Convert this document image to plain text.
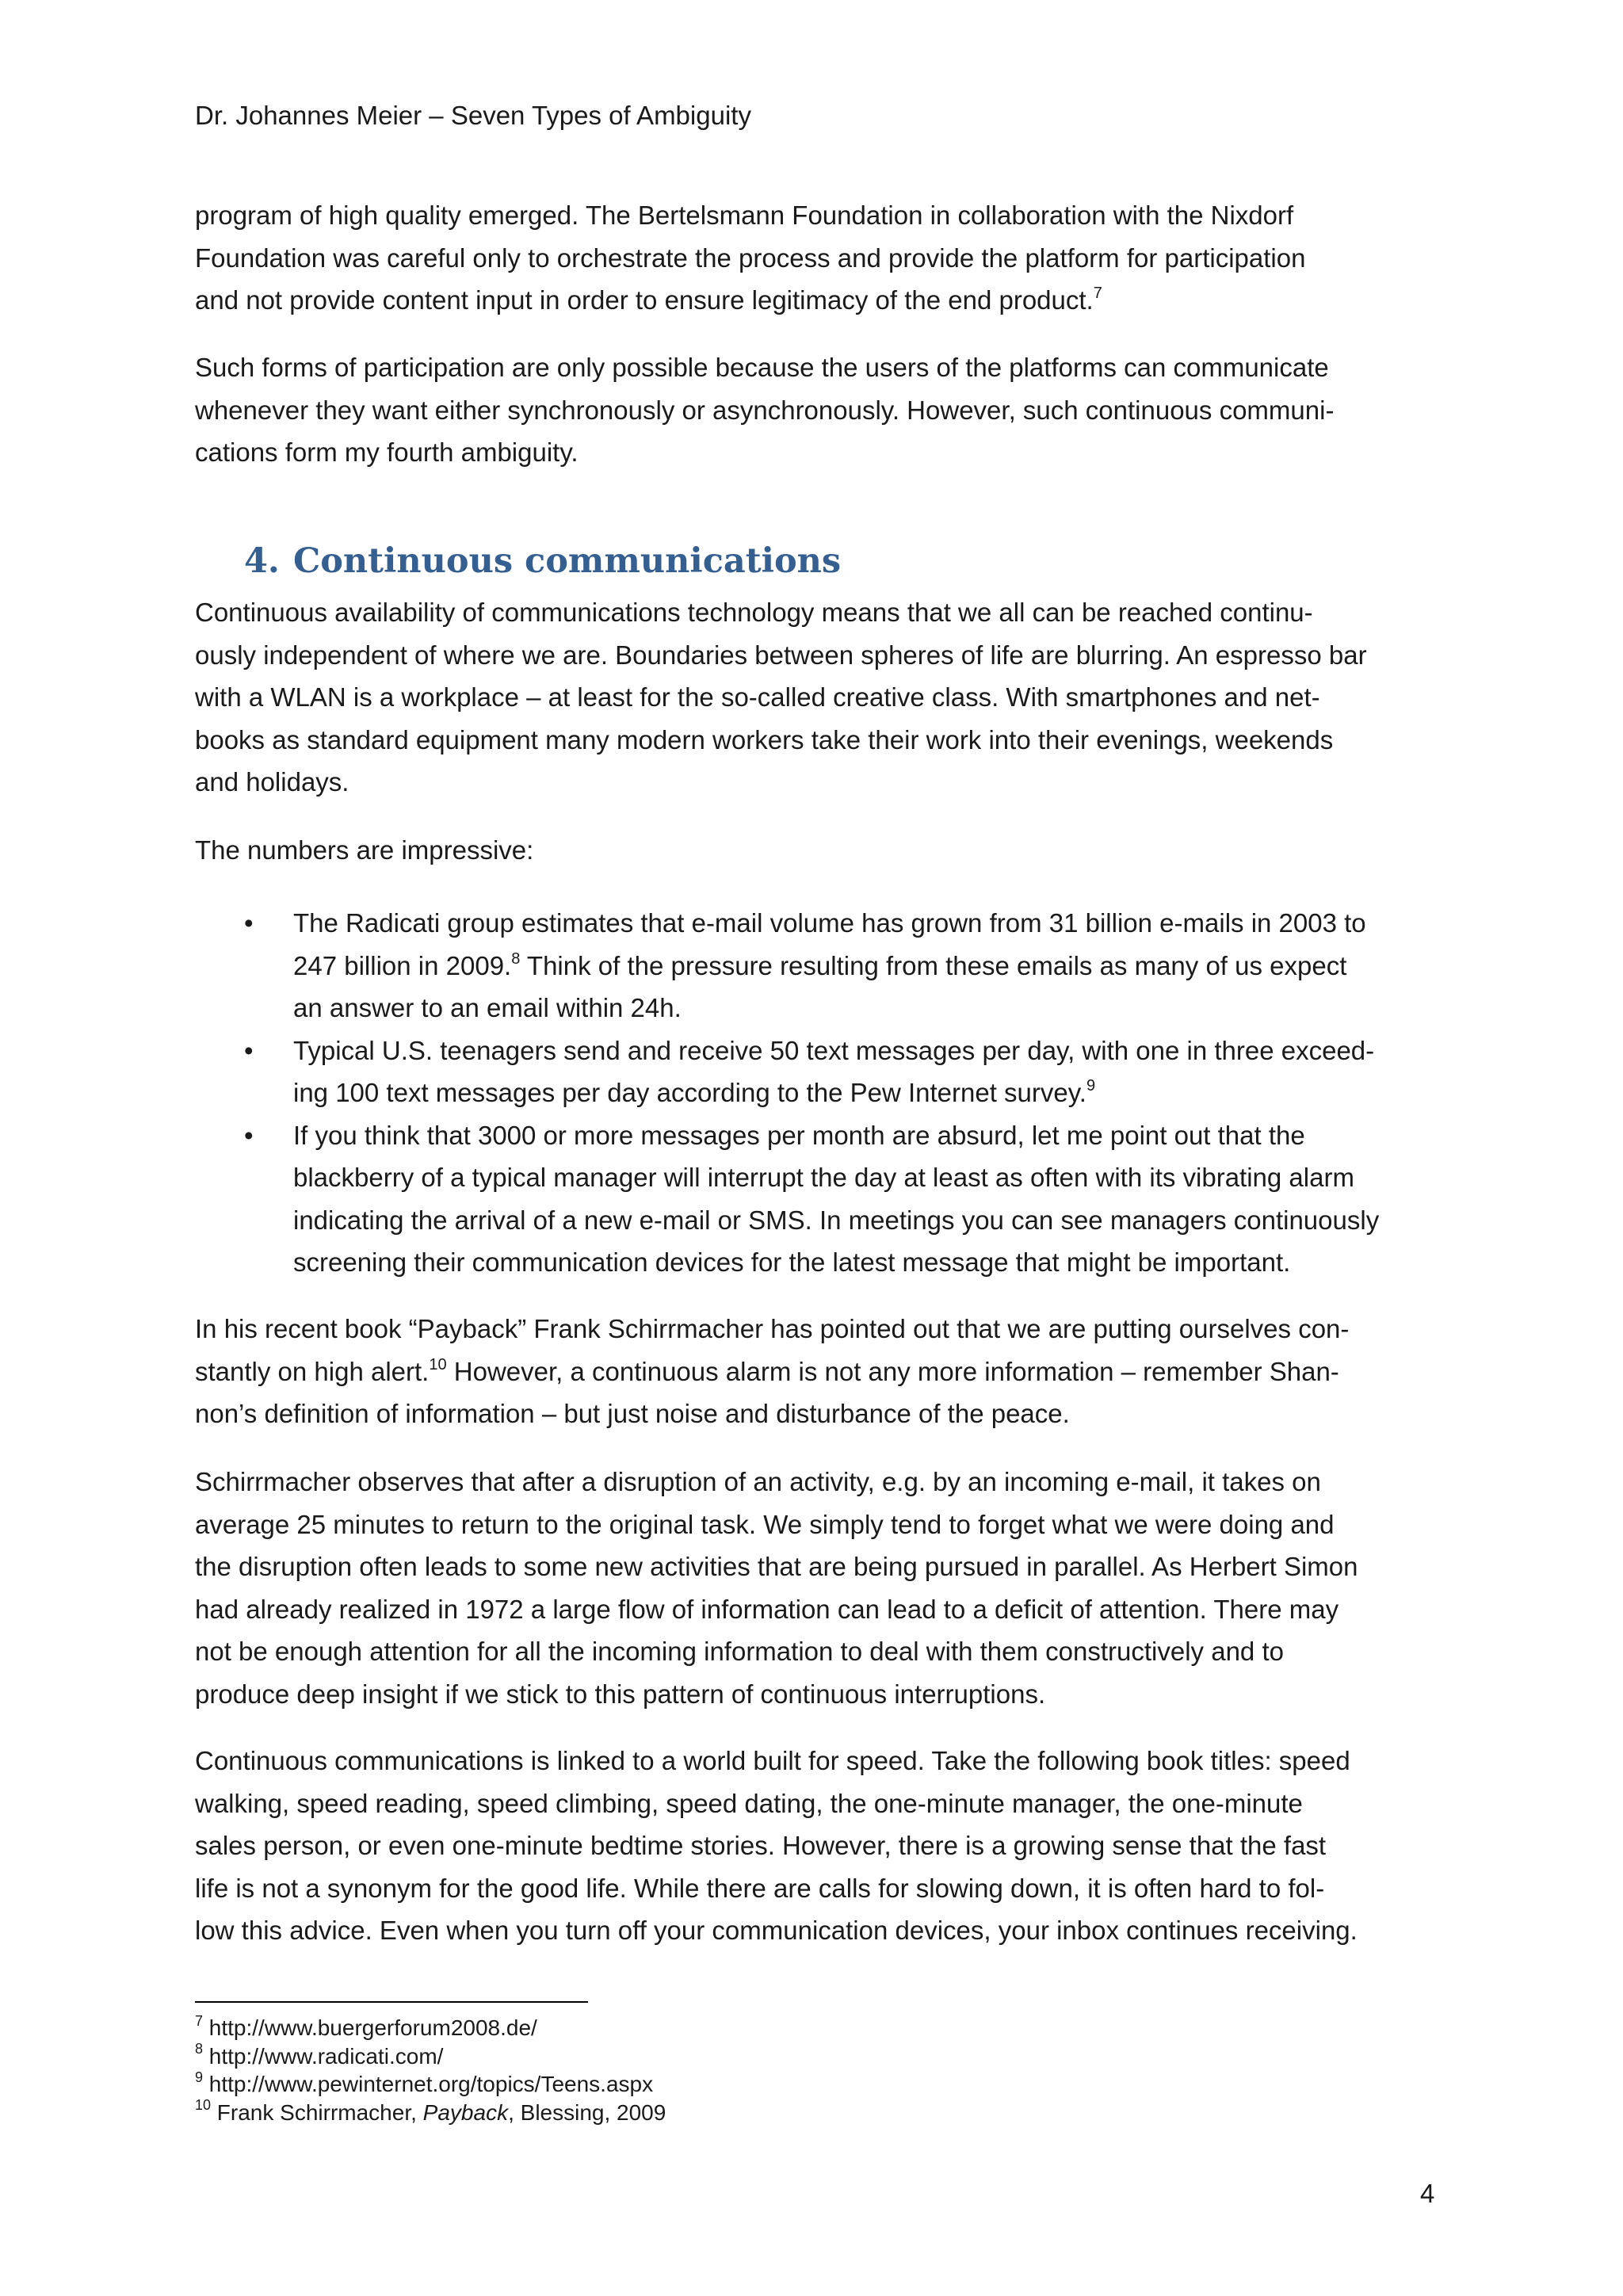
Dr. Johannes Meier – Seven Types of Ambiguity
program of high quality emerged. The Bertelsmann Foundation in collaboration with the Nixdorf
Foundation was careful only to orchestrate the process and provide the platform for participation
and not provide content input in order to ensure legitimacy of the end product.$^7$
Such forms of participation are only possible because the users of the platforms can communicate
whenever they want either synchronously or asynchronously. However, such continuous communi-
cations form my fourth ambiguity.
4. Continuous communications
Continuous availability of communications technology means that we all can be reached continu-
ously independent of where we are. Boundaries between spheres of life are blurring. An espresso bar
with a WLAN is a workplace – at least for the so-called creative class. With smartphones and net-
books as standard equipment many modern workers take their work into their evenings, weekends
and holidays.
The numbers are impressive:
• The Radicati group estimates that e-mail volume has grown from 31 billion e-mails in 2003 to
247 billion in 2009.$^8$ Think of the pressure resulting from these emails as many of us expect
an answer to an email within 24h.
• Typical U.S. teenagers send and receive 50 text messages per day, with one in three exceed-
ing 100 text messages per day according to the Pew Internet survey.$^9$
• If you think that 3000 or more messages per month are absurd, let me point out that the
blackberry of a typical manager will interrupt the day at least as often with its vibrating alarm
indicating the arrival of a new e-mail or SMS. In meetings you can see managers continuously
screening their communication devices for the latest message that might be important.
In his recent book “Payback” Frank Schirrmacher has pointed out that we are putting ourselves con-
stantly on high alert.$^{10}$ However, a continuous alarm is not any more information – remember Shan-
non’s definition of information – but just noise and disturbance of the peace.
Schirrmacher observes that after a disruption of an activity, e.g. by an incoming e-mail, it takes on
average 25 minutes to return to the original task. We simply tend to forget what we were doing and
the disruption often leads to some new activities that are being pursued in parallel. As Herbert Simon
had already realized in 1972 a large flow of information can lead to a deficit of attention. There may
not be enough attention for all the incoming information to deal with them constructively and to
produce deep insight if we stick to this pattern of continuous interruptions.
Continuous communications is linked to a world built for speed. Take the following book titles: speed
walking, speed reading, speed climbing, speed dating, the one-minute manager, the one-minute
sales person, or even one-minute bedtime stories. However, there is a growing sense that the fast
life is not a synonym for the good life. While there are calls for slowing down, it is often hard to fol-
low this advice. Even when you turn off your communication devices, your inbox continues receiving.
$^7$ http://www.buergerforum2008.de/
$^8$ http://www.radicati.com/
$^9$ http://www.pewinternet.org/topics/Teens.aspx
$^{10}$ Frank Schirrmacher, Payback, Blessing, 2009
4
